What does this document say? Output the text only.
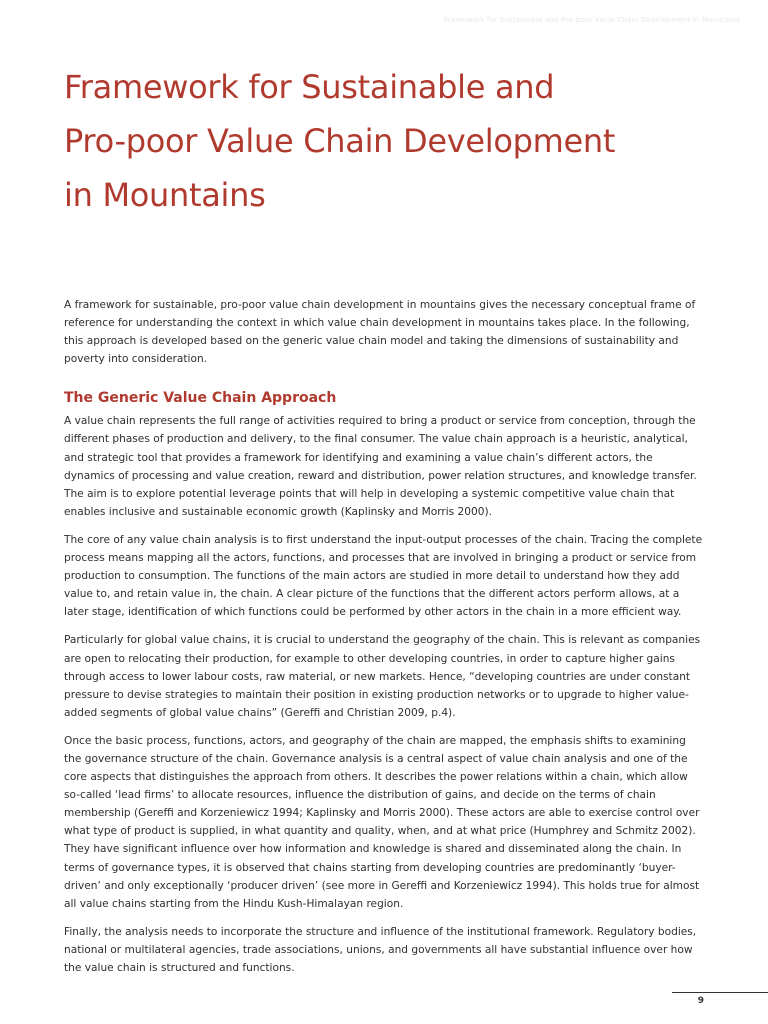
Framework for Sustainable and Pro-poor Value Chain Development in Mountains
Framework for Sustainable and
Pro-poor Value Chain Development
in Mountains

A framework for sustainable, pro-poor value chain development in mountains gives the necessary conceptual frame of reference for understanding the context in which value chain development in mountains takes place. In the following, this approach is developed based on the generic value chain model and taking the dimensions of sustainability and poverty into consideration.

The Generic Value Chain Approach

A value chain represents the full range of activities required to bring a product or service from conception, through the different phases of production and delivery, to the final consumer. The value chain approach is a heuristic, analytical, and strategic tool that provides a framework for identifying and examining a value chain’s different actors, the dynamics of processing and value creation, reward and distribution, power relation structures, and knowledge transfer. The aim is to explore potential leverage points that will help in developing a systemic competitive value chain that enables inclusive and sustainable economic growth (Kaplinsky and Morris 2000).

The core of any value chain analysis is to first understand the input-output processes of the chain. Tracing the complete process means mapping all the actors, functions, and processes that are involved in bringing a product or service from production to consumption. The functions of the main actors are studied in more detail to understand how they add value to, and retain value in, the chain. A clear picture of the functions that the different actors perform allows, at a later stage, identification of which functions could be performed by other actors in the chain in a more efficient way.

Particularly for global value chains, it is crucial to understand the geography of the chain. This is relevant as companies are open to relocating their production, for example to other developing countries, in order to capture higher gains through access to lower labour costs, raw material, or new markets. Hence, “developing countries are under constant pressure to devise strategies to maintain their position in existing production networks or to upgrade to higher value-added segments of global value chains” (Gereffi and Christian 2009, p.4).

Once the basic process, functions, actors, and geography of the chain are mapped, the emphasis shifts to examining the governance structure of the chain. Governance analysis is a central aspect of value chain analysis and one of the core aspects that distinguishes the approach from others. It describes the power relations within a chain, which allow so-called ‘lead firms’ to allocate resources, influence the distribution of gains, and decide on the terms of chain membership (Gereffi and Korzeniewicz 1994; Kaplinsky and Morris 2000). These actors are able to exercise control over what type of product is supplied, in what quantity and quality, when, and at what price (Humphrey and Schmitz 2002). They have significant influence over how information and knowledge is shared and disseminated along the chain. In terms of governance types, it is observed that chains starting from developing countries are predominantly ‘buyer-driven’ and only exceptionally ‘producer driven’ (see more in Gereffi and Korzeniewicz 1994). This holds true for almost all value chains starting from the Hindu Kush-Himalayan region.

Finally, the analysis needs to incorporate the structure and influence of the institutional framework. Regulatory bodies, national or multilateral agencies, trade associations, unions, and governments all have substantial influence over how the value chain is structured and functions.

9
